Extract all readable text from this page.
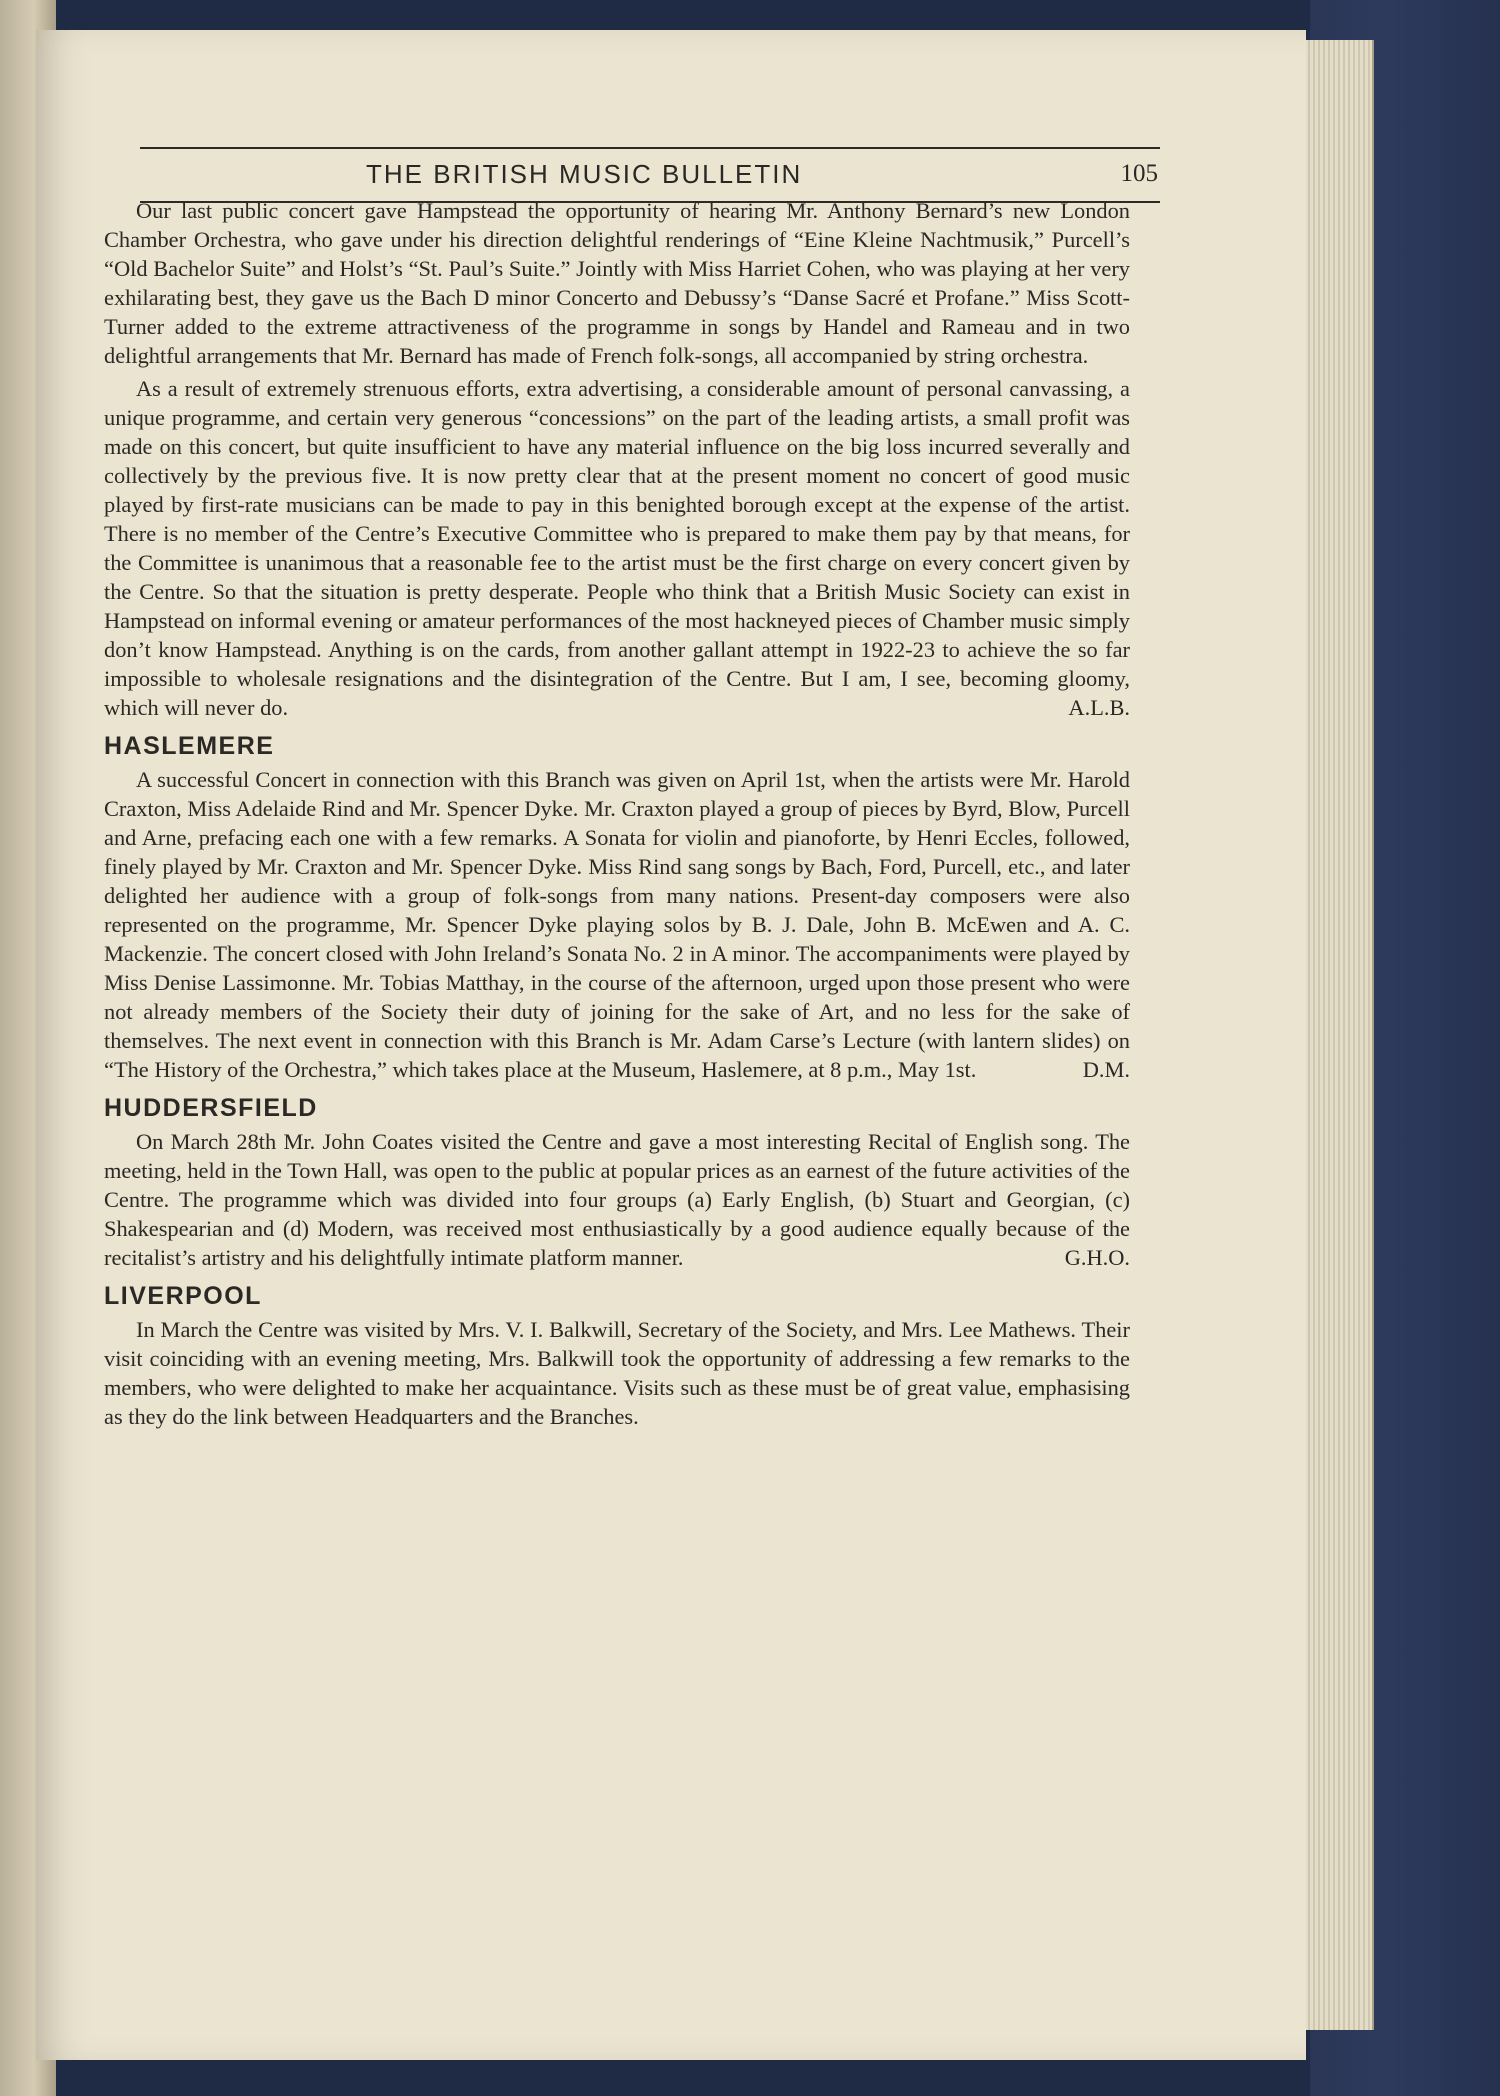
THE BRITISH MUSIC BULLETIN	105

Our last public concert gave Hampstead the opportunity of hearing Mr. Anthony Bernard’s new London Chamber Orchestra, who gave under his direction delightful renderings of “Eine Kleine Nachtmusik,” Purcell’s “Old Bachelor Suite” and Holst’s “St. Paul’s Suite.” Jointly with Miss Harriet Cohen, who was playing at her very exhilarating best, they gave us the Bach D minor Concerto and Debussy’s “Danse Sacré et Profane.” Miss Scott-Turner added to the extreme attractiveness of the programme in songs by Handel and Rameau and in two delightful arrangements that Mr. Bernard has made of French folk-songs, all accompanied by string orchestra.

As a result of extremely strenuous efforts, extra advertising, a considerable amount of personal canvassing, a unique programme, and certain very generous “concessions” on the part of the leading artists, a small profit was made on this concert, but quite insufficient to have any material influence on the big loss incurred severally and collectively by the previous five. It is now pretty clear that at the present moment no concert of good music played by first-rate musicians can be made to pay in this benighted borough except at the expense of the artist. There is no member of the Centre’s Executive Committee who is prepared to make them pay by that means, for the Committee is unanimous that a reasonable fee to the artist must be the first charge on every concert given by the Centre. So that the situation is pretty desperate. People who think that a British Music Society can exist in Hampstead on informal evening or amateur performances of the most hackneyed pieces of Chamber music simply don’t know Hampstead. Anything is on the cards, from another gallant attempt in 1922-23 to achieve the so far impossible to wholesale resignations and the disintegration of the Centre. But I am, I see, becoming gloomy, which will never do.	A.L.B.

HASLEMERE

A successful Concert in connection with this Branch was given on April 1st, when the artists were Mr. Harold Craxton, Miss Adelaide Rind and Mr. Spencer Dyke. Mr. Craxton played a group of pieces by Byrd, Blow, Purcell and Arne, prefacing each one with a few remarks. A Sonata for violin and pianoforte, by Henri Eccles, followed, finely played by Mr. Craxton and Mr. Spencer Dyke. Miss Rind sang songs by Bach, Ford, Purcell, etc., and later delighted her audience with a group of folk-songs from many nations. Present-day composers were also represented on the programme, Mr. Spencer Dyke playing solos by B. J. Dale, John B. McEwen and A. C. Mackenzie. The concert closed with John Ireland’s Sonata No. 2 in A minor. The accompaniments were played by Miss Denise Lassimonne. Mr. Tobias Matthay, in the course of the afternoon, urged upon those present who were not already members of the Society their duty of joining for the sake of Art, and no less for the sake of themselves. The next event in connection with this Branch is Mr. Adam Carse’s Lecture (with lantern slides) on “The History of the Orchestra,” which takes place at the Museum, Haslemere, at 8 p.m., May 1st.	D.M.

HUDDERSFIELD

On March 28th Mr. John Coates visited the Centre and gave a most interesting Recital of English song. The meeting, held in the Town Hall, was open to the public at popular prices as an earnest of the future activities of the Centre. The programme which was divided into four groups (a) Early English, (b) Stuart and Georgian, (c) Shakespearian and (d) Modern, was received most enthusiastically by a good audience equally because of the recitalist’s artistry and his delightfully intimate platform manner.	G.H.O.

LIVERPOOL

In March the Centre was visited by Mrs. V. I. Balkwill, Secretary of the Society, and Mrs. Lee Mathews. Their visit coinciding with an evening meeting, Mrs. Balkwill took the opportunity of addressing a few remarks to the members, who were delighted to make her acquaintance. Visits such as these must be of great value, emphasising as they do the link between Headquarters and the Branches.
